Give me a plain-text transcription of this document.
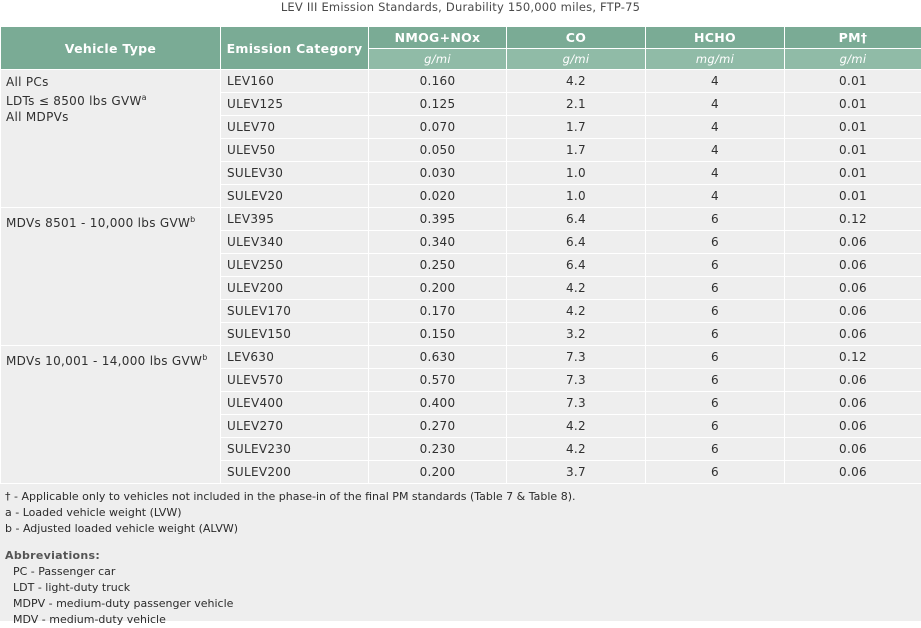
LEV III Emission Standards, Durability 150,000 miles, FTP-75
Vehicle Type	Emission Category	NMOG+NOx	CO	HCHO	PM†
		g/mi	g/mi	mg/mi	g/mi

All PCs
LDTs ≤ 8500 lbs GVW$^a$
All MDPVs	LEV160	0.160	4.2	4	0.01
	ULEV125	0.125	2.1	4	0.01
	ULEV70	0.070	1.7	4	0.01
	ULEV50	0.050	1.7	4	0.01
	SULEV30	0.030	1.0	4	0.01
	SULEV20	0.020	1.0	4	0.01

MDVs 8501 - 10,000 lbs GVW$^b$	LEV395	0.395	6.4	6	0.12
	ULEV340	0.340	6.4	6	0.06
	ULEV250	0.250	6.4	6	0.06
	ULEV200	0.200	4.2	6	0.06
	SULEV170	0.170	4.2	6	0.06
	SULEV150	0.150	3.2	6	0.06

MDVs 10,001 - 14,000 lbs GVW$^b$	LEV630	0.630	7.3	6	0.12
	ULEV570	0.570	7.3	6	0.06
	ULEV400	0.400	7.3	6	0.06
	ULEV270	0.270	4.2	6	0.06
	SULEV230	0.230	4.2	6	0.06
	SULEV200	0.200	3.7	6	0.06
† - Applicable only to vehicles not included in the phase-in of the final PM standards (Table 7 & Table 8).
a - Loaded vehicle weight (LVW)
b - Adjusted loaded vehicle weight (ALVW)
Abbreviations:
PC - Passenger car
LDT - light-duty truck
MDPV - medium-duty passenger vehicle
MDV - medium-duty vehicle
